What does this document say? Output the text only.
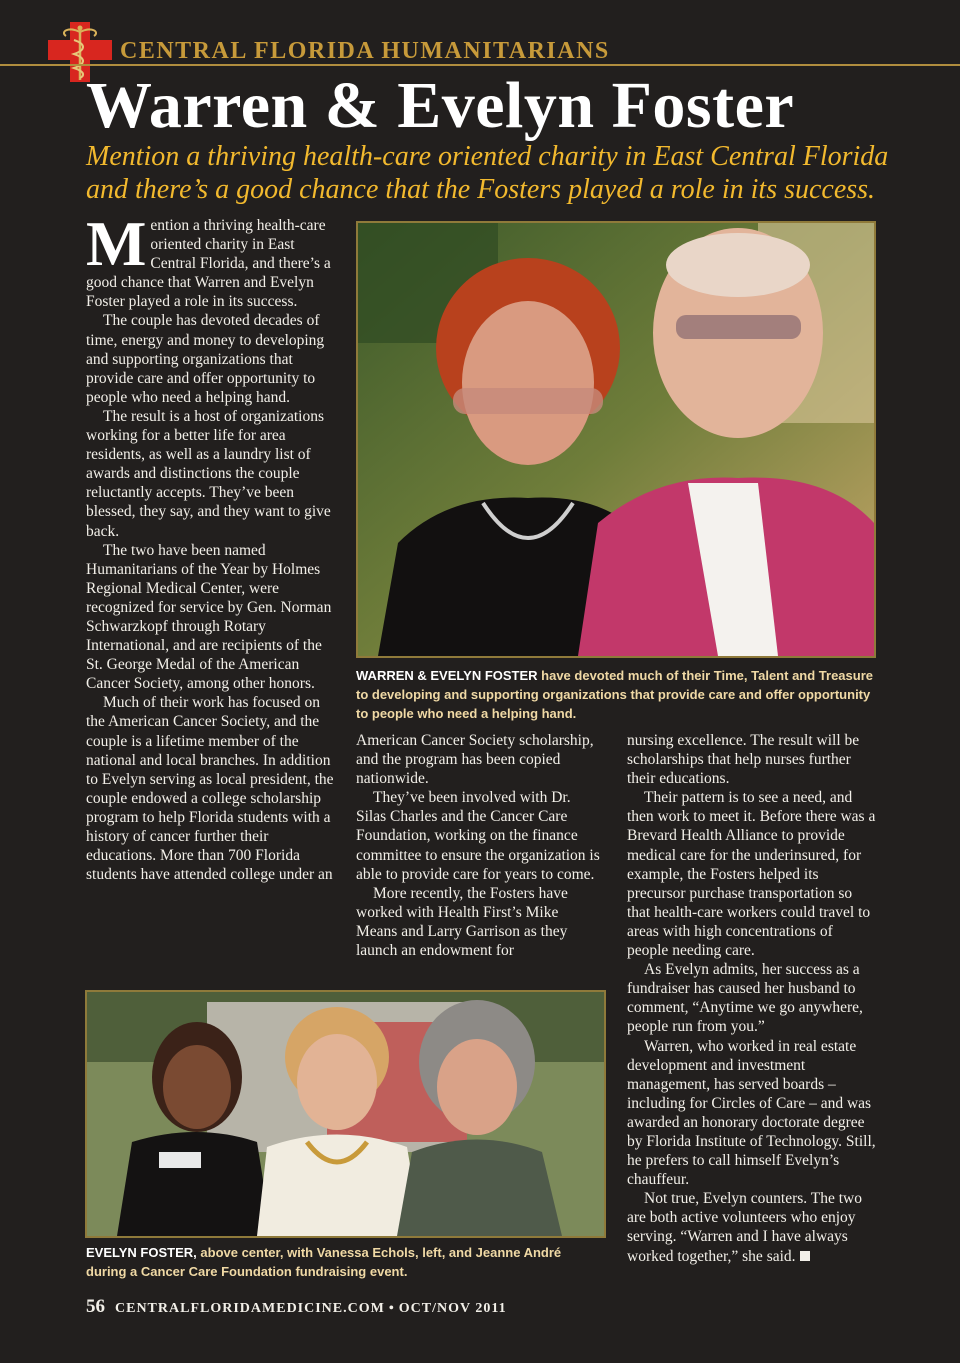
CENTRAL FLORIDA HUMANITARIANS
Warren & Evelyn Foster
Mention a thriving health-care oriented charity in East Central Florida and there’s a good chance that the Fosters played a role in its success.

Mention a thriving health-care oriented charity in East Central Florida, and there’s a good chance that Warren and Evelyn Foster played a role in its success.

The couple has devoted decades of time, energy and money to developing and supporting organizations that provide care and offer opportunity to people who need a helping hand.

The result is a host of organizations working for a better life for area residents, as well as a laundry list of awards and distinctions the couple reluctantly accepts. They’ve been blessed, they say, and they want to give back.

The two have been named Humanitarians of the Year by Holmes Regional Medical Center, were recognized for service by Gen. Norman Schwarzkopf through Rotary International, and are recipients of the St. George Medal of the American Cancer Society, among other honors.

Much of their work has focused on the American Cancer Society, and the couple is a lifetime member of the national and local branches. In addition to Evelyn serving as local president, the couple endowed a college scholarship program to help Florida students with a history of cancer further their educations. More than 700 Florida students have attended college under an

WARREN & EVELYN FOSTER have devoted much of their Time, Talent and Treasure to developing and supporting organizations that provide care and offer opportunity to people who need a helping hand.

American Cancer Society scholarship, and the program has been copied nationwide.

They’ve been involved with Dr. Silas Charles and the Cancer Care Foundation, working on the finance committee to ensure the organization is able to provide care for years to come.

More recently, the Fosters have worked with Health First’s Mike Means and Larry Garrison as they launch an endowment for

nursing excellence. The result will be scholarships that help nurses further their educations.

Their pattern is to see a need, and then work to meet it. Before there was a Brevard Health Alliance to provide medical care for the underinsured, for example, the Fosters helped its precursor purchase transportation so that health-care workers could travel to areas with high concentrations of people needing care.

As Evelyn admits, her success as a fundraiser has caused her husband to comment, “Anytime we go anywhere, people run from you.”

Warren, who worked in real estate development and investment management, has served boards – including for Circles of Care – and was awarded an honorary doctorate degree by Florida Institute of Technology. Still, he prefers to call himself Evelyn’s chauffeur.

Not true, Evelyn counters. The two are both active volunteers who enjoy serving. “Warren and I have always worked together,” she said.

EVELYN FOSTER, above center, with Vanessa Echols, left, and Jeanne André during a Cancer Care Foundation fundraising event.
56 CENTRALFLORIDAMEDICINE.COM • OCT/NOV 2011
